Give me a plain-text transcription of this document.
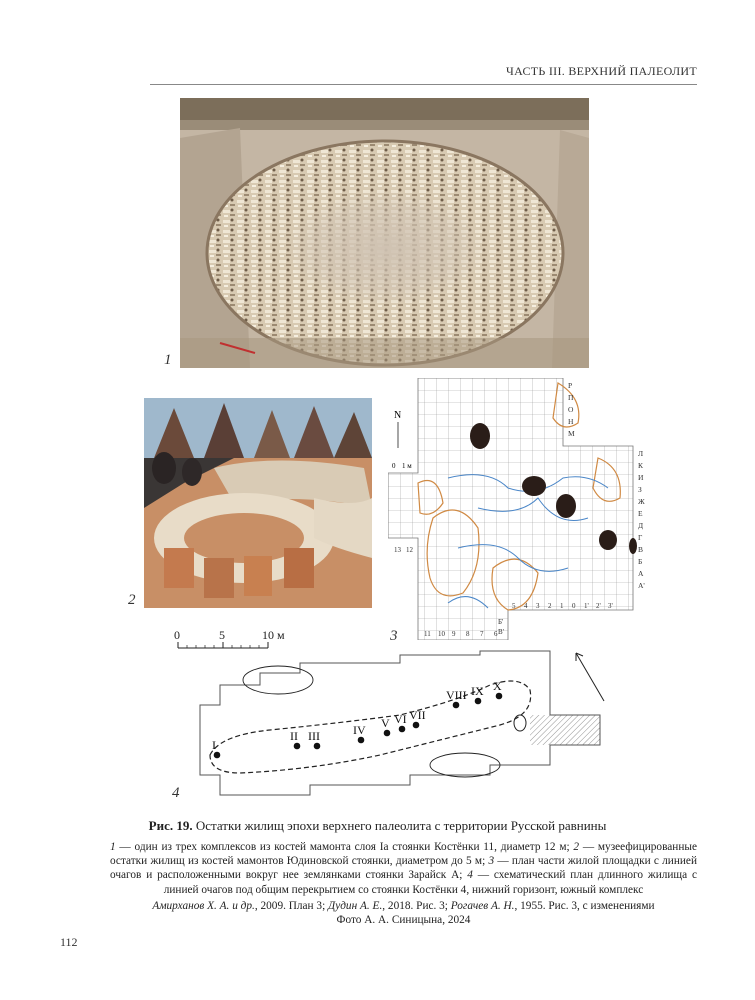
ЧАСТЬ III. ВЕРХНИЙ ПАЛЕОЛИТ
1
2
N
0 1 м
Р
П
О
Н
М
Л
К
И
З
Ж
Е
Д
Г
В
Б
А
А'
5 4 3 2 1 0 1' 2' 3'
11 10 9 8 7 6
13 12
Б'
В'
3
0	5	10 м
I
II III	IV V VI VII
VIII IX X
4
Рис. 19. Остатки жилищ эпохи верхнего палеолита с территории Русской равнины
1 — один из трех комплексов из костей мамонта слоя Iа стоянки Костёнки 11, диаметр 12 м; 2 — музеефицированные остатки жилищ из костей мамонтов Юдиновской стоянки, диаметром до 5 м; 3 — план части жилой площадки с линией очагов и расположенными вокруг нее землянками стоянки Зарайск А; 4 — схематический план длинного жилища с линией очагов под общим перекрытием со стоянки Костёнки 4, нижний горизонт, южный комплекс
Амирханов Х. А. и др., 2009. План 3; Дудин А. Е., 2018. Рис. 3; Рогачев А. Н., 1955. Рис. 3, с изменениями
Фото А. А. Синицына, 2024
112
